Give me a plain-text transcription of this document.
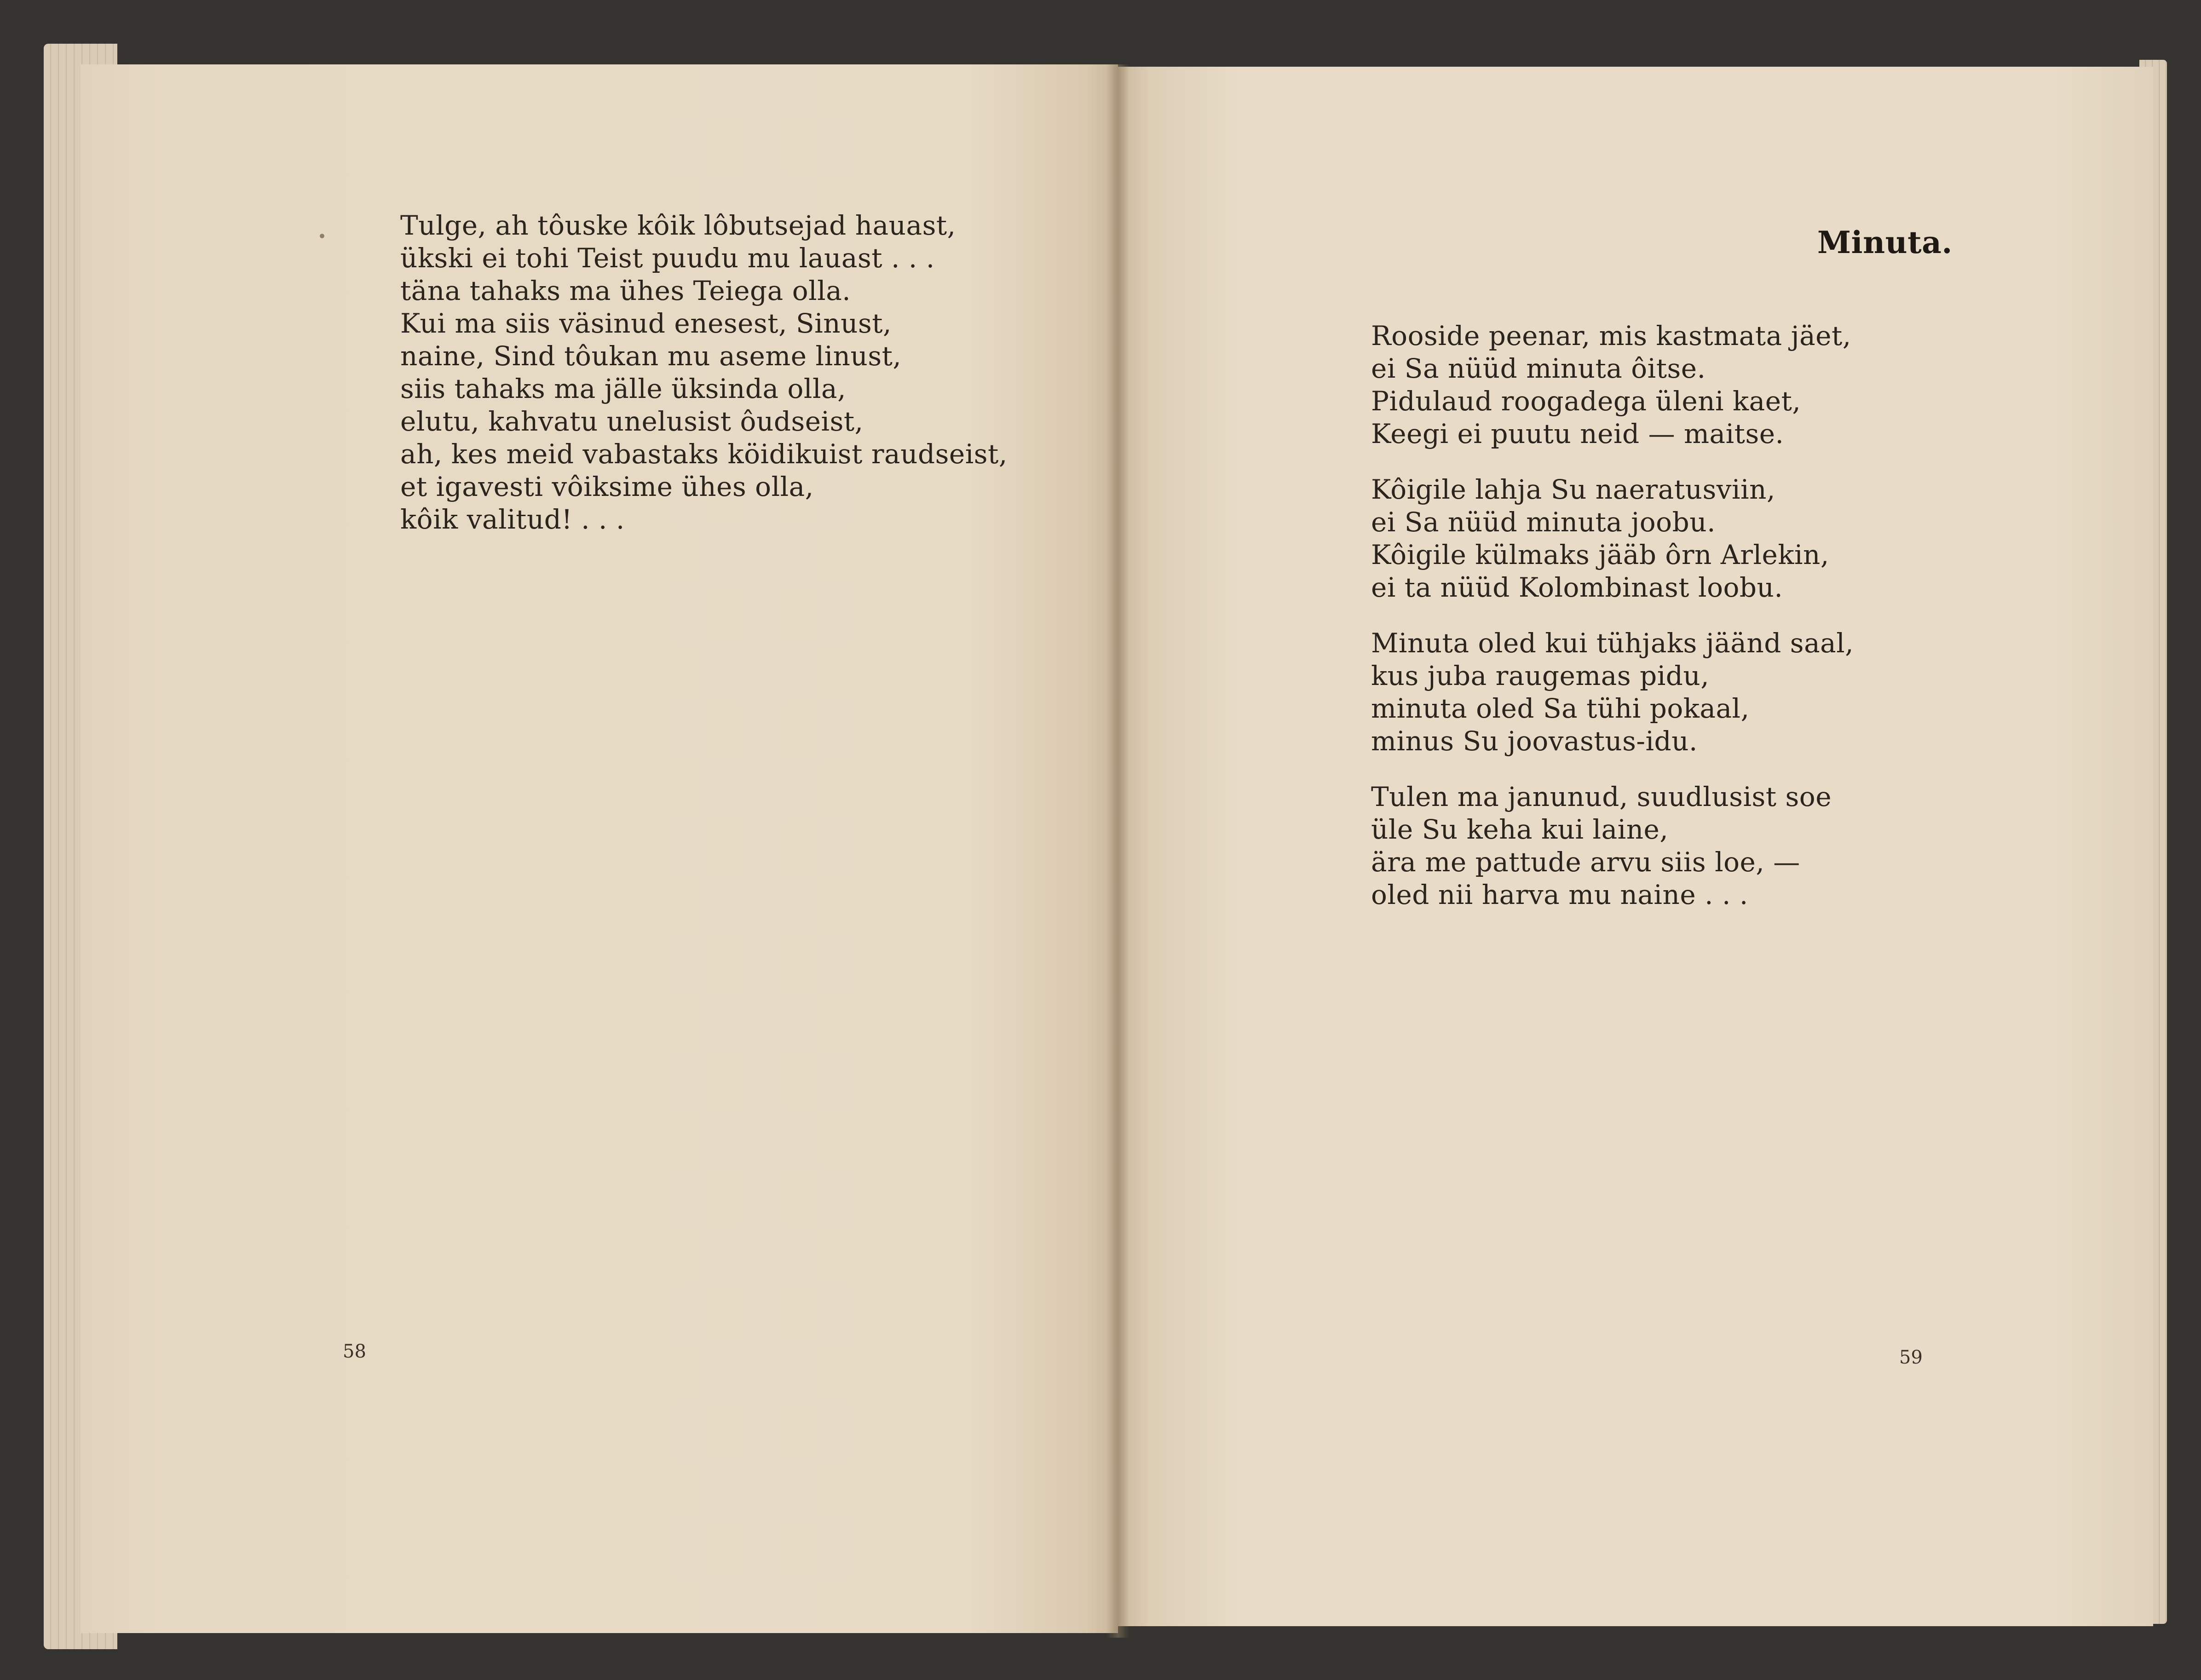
Tulge, ah tôuske kôik lôbutsejad hauast,
ükski ei tohi Teist puudu mu lauast . . .
täna tahaks ma ühes Teiega olla.
Kui ma siis väsinud enesest, Sinust,
naine, Sind tôukan mu aseme linust,
siis tahaks ma jälle üksinda olla,
elutu, kahvatu unelusist ôudseist,
ah, kes meid vabastaks köidikuist raudseist,
et igavesti vôiksime ühes olla,
kôik valitud! . . .
58
Minuta.
Rooside peenar, mis kastmata jäet,
ei Sa nüüd minuta ôitse.
Pidulaud roogadega üleni kaet,
Keegi ei puutu neid — maitse.
Kôigile lahja Su naeratusviin,
ei Sa nüüd minuta joobu.
Kôigile külmaks jääb ôrn Arlekin,
ei ta nüüd Kolombinast loobu.
Minuta oled kui tühjaks jäänd saal,
kus juba raugemas pidu,
minuta oled Sa tühi pokaal,
minus Su joovastus-idu.
Tulen ma janunud, suudlusist soe
üle Su keha kui laine,
ära me pattude arvu siis loe, —
oled nii harva mu naine . . .
59
